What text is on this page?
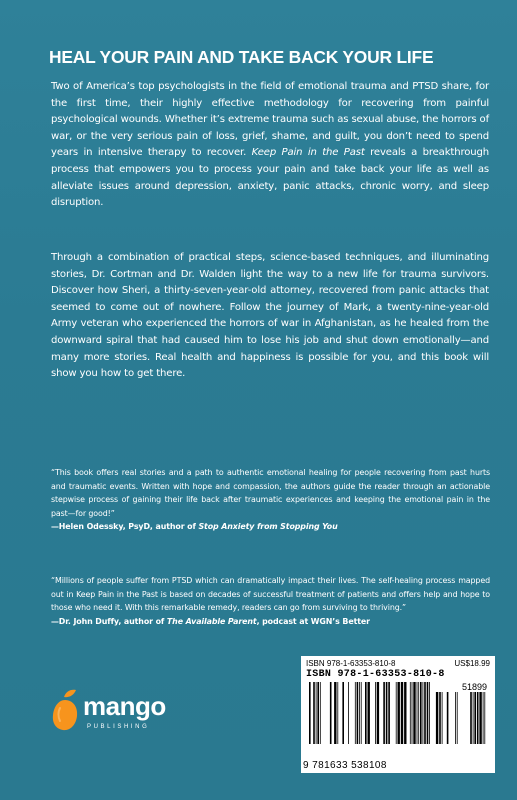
HEAL YOUR PAIN AND TAKE BACK YOUR LIFE

Two of America’s top psychologists in the field of emotional trauma and PTSD share, for the first time, their highly effective methodology for recovering from painful psychological wounds. Whether it’s extreme trauma such as sexual abuse, the horrors of war, or the very serious pain of loss, grief, shame, and guilt, you don’t need to spend years in intensive therapy to recover. Keep Pain in the Past reveals a breakthrough process that empowers you to process your pain and take back your life as well as alleviate issues around depression, anxiety, panic attacks, chronic worry, and sleep disruption.

Through a combination of practical steps, science-based techniques, and illuminating stories, Dr. Cortman and Dr. Walden light the way to a new life for trauma survivors. Discover how Sheri, a thirty-seven-year-old attorney, recovered from panic attacks that seemed to come out of nowhere. Follow the journey of Mark, a twenty-nine-year-old Army veteran who experienced the horrors of war in Afghanistan, as he healed from the downward spiral that had caused him to lose his job and shut down emotionally—and many more stories. Real health and happiness is possible for you, and this book will show you how to get there.

“This book offers real stories and a path to authentic emotional healing for people recovering from past hurts and traumatic events. Written with hope and compassion, the authors guide the reader through an actionable stepwise process of gaining their life back after traumatic experiences and keeping the emotional pain in the past—for good!”
—Helen Odessky, PsyD, author of Stop Anxiety from Stopping You
“Millions of people suffer from PTSD which can dramatically impact their lives. The self-healing process mapped out in Keep Pain in the Past is based on decades of successful treatment of patients and offers help and hope to those who need it. With this remarkable remedy, readers can go from surviving to thriving.”
—Dr. John Duffy, author of The Available Parent, podcast at WGN’s Better
mango
PUBLISHING
ISBN 978-1-63353-810-8	US$18.99
ISBN 978-1-63353-810-8
51899
9 781633 538108
